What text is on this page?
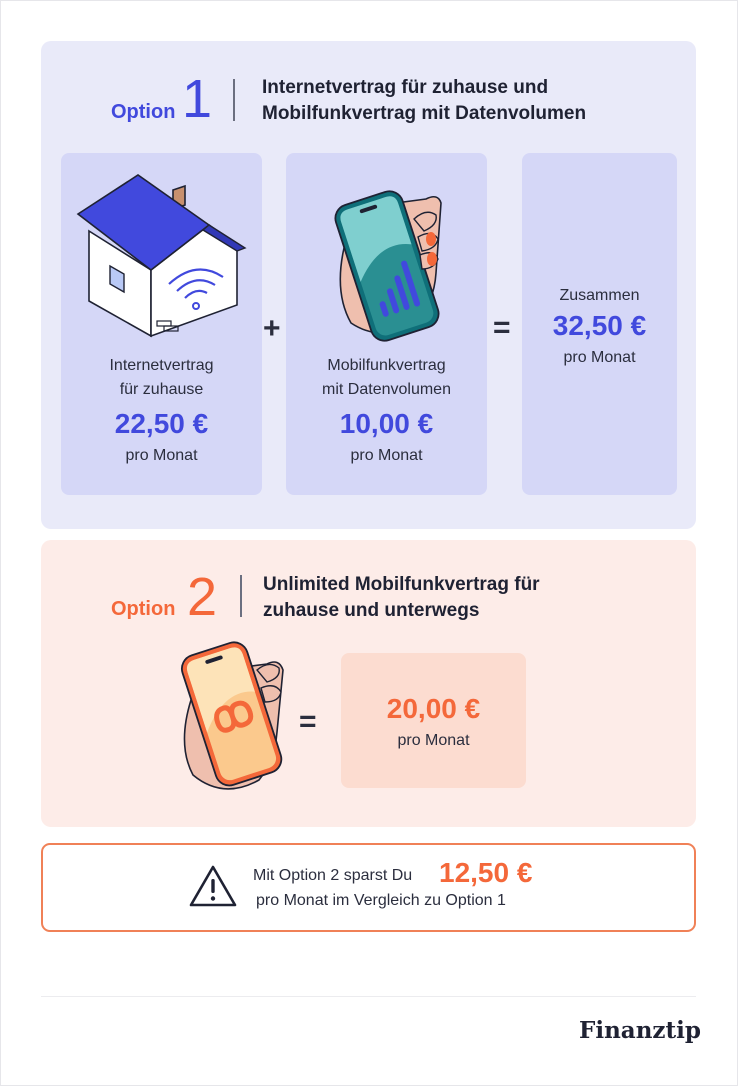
Option 1	Internetvertrag für zuhause und
Mobilfunkvertrag mit Datenvolumen
Internetvertrag
für zuhause
22,50 €
pro Monat
+
Mobilfunkvertrag
mit Datenvolumen
10,00 €
pro Monat
=
Zusammen
32,50 €
pro Monat
Option 2 Unlimited Mobilfunkvertrag für
zuhause und unterwegs
=	20,00 €
pro Monat
Mit Option 2 sparst Du 12,50 €
pro Monat im Vergleich zu Option 1
Finanztip
